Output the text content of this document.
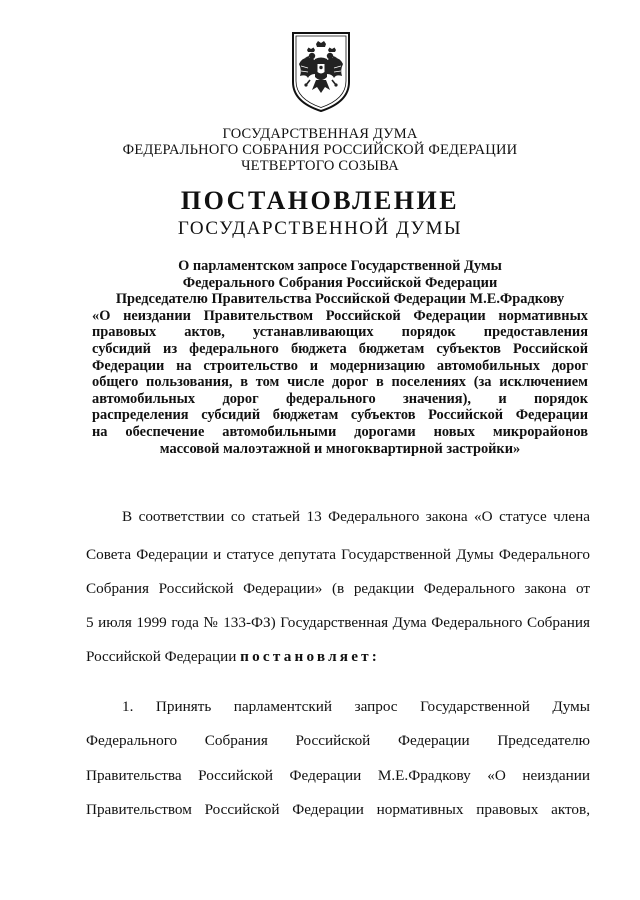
ГОСУДАРСТВЕННАЯ ДУМА
ФЕДЕРАЛЬНОГО СОБРАНИЯ РОССИЙСКОЙ ФЕДЕРАЦИИ
ЧЕТВЕРТОГО СОЗЫВА
ПОСТАНОВЛЕНИЕ
ГОСУДАРСТВЕННОЙ ДУМЫ
О парламентском запросе Государственной Думы
Федерального Собрания Российской Федерации
Председателю Правительства Российской Федерации М.Е.Фрадкову
«О неиздании Правительством Российской Федерации нормативных
правовых актов, устанавливающих порядок предоставления
субсидий из федерального бюджета бюджетам субъектов Российской
Федерации на строительство и модернизацию автомобильных дорог
общего пользования, в том числе дорог в поселениях (за исключением
автомобильных дорог федерального значения), и порядок
распределения субсидий бюджетам субъектов Российской Федерации
на обеспечение автомобильными дорогами новых микрорайонов
массовой малоэтажной и многоквартирной застройки»
В соответствии со статьей 13 Федерального закона «О статусе члена
Совета Федерации и статусе депутата Государственной Думы Федерального
Собрания Российской Федерации» (в редакции Федерального закона от
5 июля 1999 года № 133-ФЗ) Государственная Дума Федерального Собрания
Российской Федерации постановляет:
1. Принять парламентский запрос Государственной Думы
Федерального Собрания Российской Федерации Председателю
Правительства Российской Федерации М.Е.Фрадкову «О неиздании
Правительством Российской Федерации нормативных правовых актов,
